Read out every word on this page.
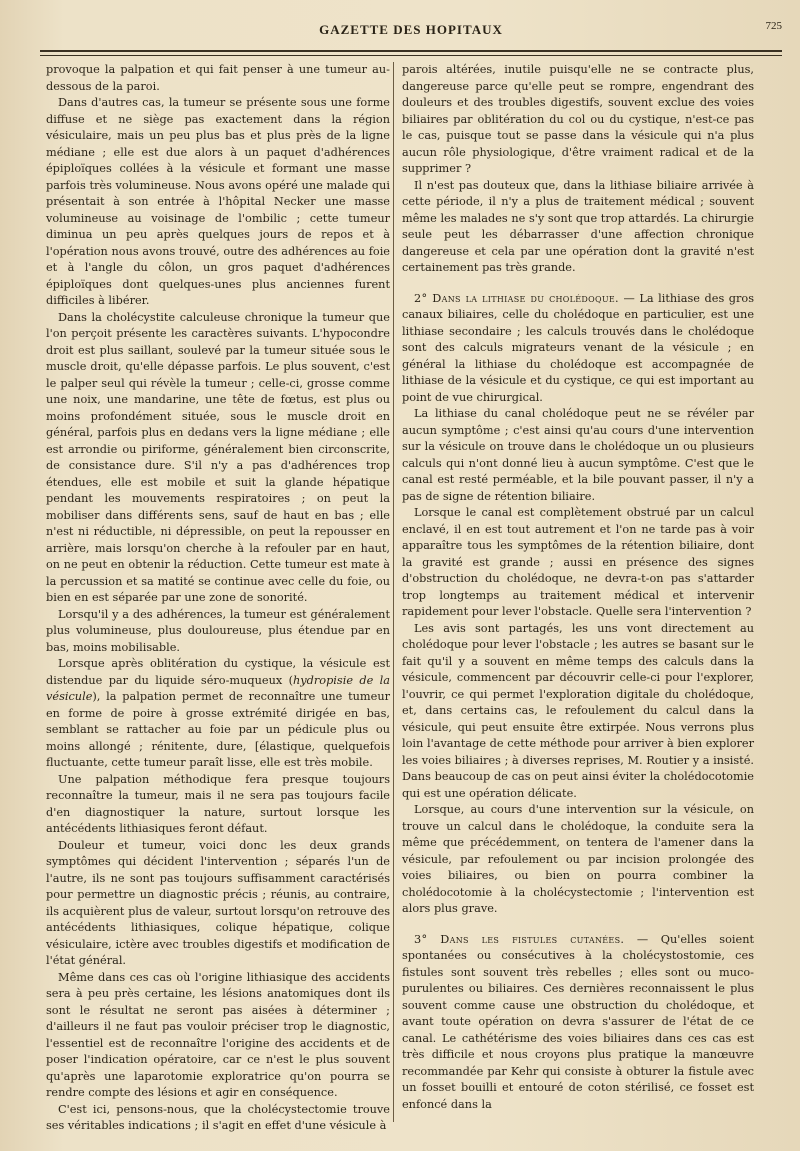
GAZETTE DES HOPITAUX	725

provoque la palpation et qui fait penser à une tumeur au-dessous de la paroi.

Dans d'autres cas, la tumeur se présente sous une forme diffuse et ne siège pas exactement dans la région vésiculaire, mais un peu plus bas et plus près de la ligne médiane ; elle est due alors à un paquet d'adhérences épiploïques collées à la vésicule et formant une masse parfois très volumineuse. Nous avons opéré une malade qui présentait à son entrée à l'hôpital Necker une masse volumineuse au voisinage de l'ombilic ; cette tumeur diminua un peu après quelques jours de repos et à l'opération nous avons trouvé, outre des adhérences au foie et à l'angle du côlon, un gros paquet d'adhérences épiploïques dont quelques-unes plus anciennes furent difficiles à libérer.

Dans la cholécystite calculeuse chronique la tumeur que l'on perçoit présente les caractères suivants. L'hypocondre droit est plus saillant, soulevé par la tumeur située sous le muscle droit, qu'elle dépasse parfois. Le plus souvent, c'est le palper seul qui révèle la tumeur ; celle-ci, grosse comme une noix, une mandarine, une tête de fœtus, est plus ou moins profondément située, sous le muscle droit en général, parfois plus en dedans vers la ligne médiane ; elle est arrondie ou piriforme, généralement bien circonscrite, de consistance dure. S'il n'y a pas d'adhérences trop étendues, elle est mobile et suit la glande hépatique pendant les mouvements respiratoires ; on peut la mobiliser dans différents sens, sauf de haut en bas ; elle n'est ni réductible, ni dépressible, on peut la repousser en arrière, mais lorsqu'on cherche à la refouler par en haut, on ne peut en obtenir la réduction. Cette tumeur est mate à la percussion et sa matité se continue avec celle du foie, ou bien en est séparée par une zone de sonorité.

Lorsqu'il y a des adhérences, la tumeur est généralement plus volumineuse, plus douloureuse, plus étendue par en bas, moins mobilisable.

Lorsque après oblitération du cystique, la vésicule est distendue par du liquide séro-muqueux (hydropisie de la vésicule), la palpation permet de reconnaître une tumeur en forme de poire à grosse extrémité dirigée en bas, semblant se rattacher au foie par un pédicule plus ou moins allongé ; rénitente, dure, [élastique, quelquefois fluctuante, cette tumeur paraît lisse, elle est très mobile.

Une palpation méthodique fera presque toujours reconnaître la tumeur, mais il ne sera pas toujours facile d'en diagnostiquer la nature, surtout lorsque les antécédents lithiasiques feront défaut.

Douleur et tumeur, voici donc les deux grands symptômes qui décident l'intervention ; séparés l'un de l'autre, ils ne sont pas toujours suffisamment caractérisés pour permettre un diagnostic précis ; réunis, au contraire, ils acquièrent plus de valeur, surtout lorsqu'on retrouve des antécédents lithiasiques, colique hépatique, colique vésiculaire, ictère avec troubles digestifs et modification de l'état général.

Même dans ces cas où l'origine lithiasique des accidents sera à peu près certaine, les lésions anatomiques dont ils sont le résultat ne seront pas aisées à déterminer ; d'ailleurs il ne faut pas vouloir préciser trop le diagnostic, l'essentiel est de reconnaître l'origine des accidents et de poser l'indication opératoire, car ce n'est le plus souvent qu'après une laparotomie exploratrice qu'on pourra se rendre compte des lésions et agir en conséquence.

C'est ici, pensons-nous, que la cholécystectomie trouve ses véritables indications ; il s'agit en effet d'une vésicule à

parois altérées, inutile puisqu'elle ne se contracte plus, dangereuse parce qu'elle peut se rompre, engendrant des douleurs et des troubles digestifs, souvent exclue des voies biliaires par oblitération du col ou du cystique, n'est-ce pas le cas, puisque tout se passe dans la vésicule qui n'a plus aucun rôle physiologique, d'être vraiment radical et de la supprimer ?

Il n'est pas douteux que, dans la lithiase biliaire arrivée à cette période, il n'y a plus de traitement médical ; souvent même les malades ne s'y sont que trop attardés. La chirurgie seule peut les débarrasser d'une affection chronique dangereuse et cela par une opération dont la gravité n'est certainement pas très grande.

2° Dans la lithiase du cholédoque. — La lithiase des gros canaux biliaires, celle du cholédoque en particulier, est une lithiase secondaire ; les calculs trouvés dans le cholédoque sont des calculs migrateurs venant de la vésicule ; en général la lithiase du cholédoque est accompagnée de lithiase de la vésicule et du cystique, ce qui est important au point de vue chirurgical.

La lithiase du canal cholédoque peut ne se révéler par aucun symptôme ; c'est ainsi qu'au cours d'une intervention sur la vésicule on trouve dans le cholédoque un ou plusieurs calculs qui n'ont donné lieu à aucun symptôme. C'est que le canal est resté perméable, et la bile pouvant passer, il n'y a pas de signe de rétention biliaire.

Lorsque le canal est complètement obstrué par un calcul enclavé, il en est tout autrement et l'on ne tarde pas à voir apparaître tous les symptômes de la rétention biliaire, dont la gravité est grande ; aussi en présence des signes d'obstruction du cholédoque, ne devra-t-on pas s'attarder trop longtemps au traitement médical et intervenir rapidement pour lever l'obstacle. Quelle sera l'intervention ?

Les avis sont partagés, les uns vont directement au cholédoque pour lever l'obstacle ; les autres se basant sur le fait qu'il y a souvent en même temps des calculs dans la vésicule, commencent par découvrir celle-ci pour l'explorer, l'ouvrir, ce qui permet l'exploration digitale du cholédoque, et, dans certains cas, le refoulement du calcul dans la vésicule, qui peut ensuite être extirpée. Nous verrons plus loin l'avantage de cette méthode pour arriver à bien explorer les voies biliaires ; à diverses reprises, M. Routier y a insisté. Dans beaucoup de cas on peut ainsi éviter la cholédocotomie qui est une opération délicate.

Lorsque, au cours d'une intervention sur la vésicule, on trouve un calcul dans le cholédoque, la conduite sera la même que précédemment, on tentera de l'amener dans la vésicule, par refoulement ou par incision prolongée des voies biliaires, ou bien on pourra combiner la cholédocotomie à la cholécystectomie ; l'intervention est alors plus grave.

3° Dans les fistules cutanées. — Qu'elles soient spontanées ou consécutives à la cholécystostomie, ces fistules sont souvent très rebelles ; elles sont ou muco-purulentes ou biliaires. Ces dernières reconnaissent le plus souvent comme cause une obstruction du cholédoque, et avant toute opération on devra s'assurer de l'état de ce canal. Le cathétérisme des voies biliaires dans ces cas est très difficile et nous croyons plus pratique la manœuvre recommandée par Kehr qui consiste à obturer la fistule avec un fosset bouilli et entouré de coton stérilisé, ce fosset est enfoncé dans la
